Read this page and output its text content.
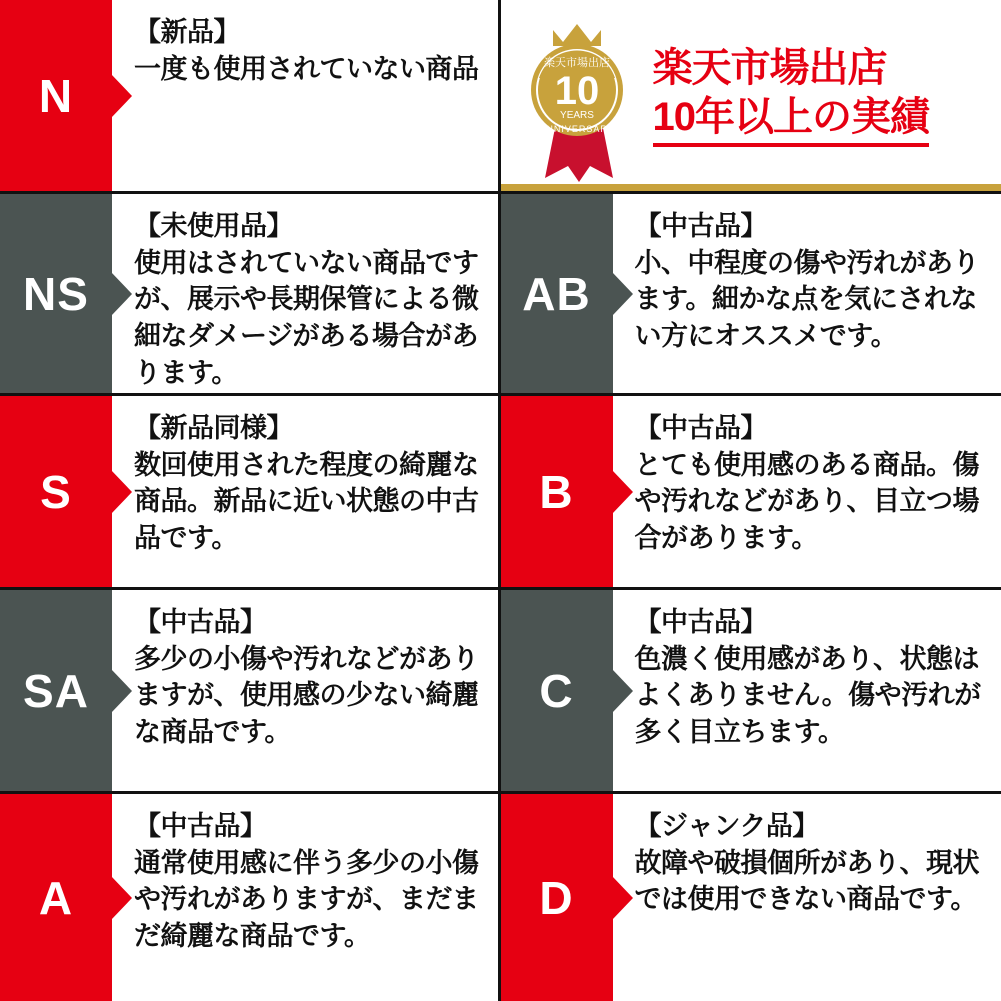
N
【新品】
一度も使用されていない商品	楽天市場出店
10
YEARS
ANNIVERSARY
楽天市場出店
10年以上の実績
NS
【未使用品】
使用はされていない商品ですが、展示や長期保管による微細なダメージがある場合があります。
AB
【中古品】
小、中程度の傷や汚れがあります。細かな点を気にされない方にオススメです。
S
【新品同様】
数回使用された程度の綺麗な商品。新品に近い状態の中古品です。
B
【中古品】
とても使用感のある商品。傷や汚れなどがあり、目立つ場合があります。
SA
【中古品】
多少の小傷や汚れなどがありますが、使用感の少ない綺麗な商品です。
C
【中古品】
色濃く使用感があり、状態はよくありません。傷や汚れが多く目立ちます。
A
【中古品】
通常使用感に伴う多少の小傷や汚れがありますが、まだまだ綺麗な商品です。
D
【ジャンク品】
故障や破損個所があり、現状では使用できない商品です。
